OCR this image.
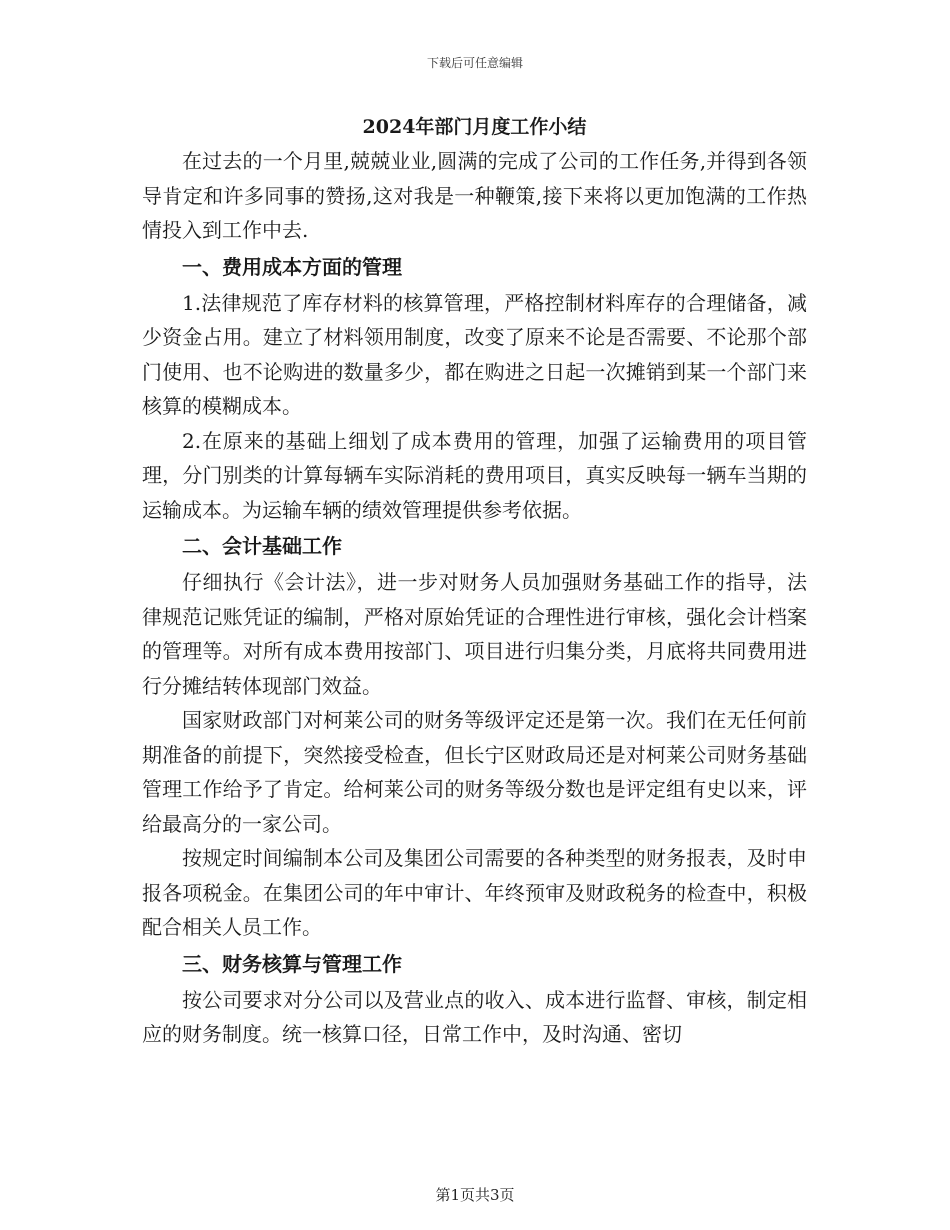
下载后可任意编辑
2024年部门月度工作小结

在过去的一个月里,兢兢业业,圆满的完成了公司的工作任务,并得到各领导肯定和许多同事的赞扬,这对我是一种鞭策,接下来将以更加饱满的工作热情投入到工作中去.

一、费用成本方面的管理

1.法律规范了库存材料的核算管理，严格控制材料库存的合理储备，减少资金占用。建立了材料领用制度，改变了原来不论是否需要、不论那个部门使用、也不论购进的数量多少，都在购进之日起一次摊销到某一个部门来核算的模糊成本。

2.在原来的基础上细划了成本费用的管理，加强了运输费用的项目管理，分门别类的计算每辆车实际消耗的费用项目，真实反映每一辆车当期的运输成本。为运输车辆的绩效管理提供参考依据。

二、会计基础工作

仔细执行《会计法》，进一步对财务人员加强财务基础工作的指导，法律规范记账凭证的编制，严格对原始凭证的合理性进行审核，强化会计档案的管理等。对所有成本费用按部门、项目进行归集分类，月底将共同费用进行分摊结转体现部门效益。

国家财政部门对柯莱公司的财务等级评定还是第一次。我们在无任何前期准备的前提下，突然接受检查，但长宁区财政局还是对柯莱公司财务基础管理工作给予了肯定。给柯莱公司的财务等级分数也是评定组有史以来，评给最高分的一家公司。

按规定时间编制本公司及集团公司需要的各种类型的财务报表，及时申报各项税金。在集团公司的年中审计、年终预审及财政税务的检查中，积极配合相关人员工作。

三、财务核算与管理工作

按公司要求对分公司以及营业点的收入、成本进行监督、审核，制定相应的财务制度。统一核算口径，日常工作中，及时沟通、密切

第1页共3页
